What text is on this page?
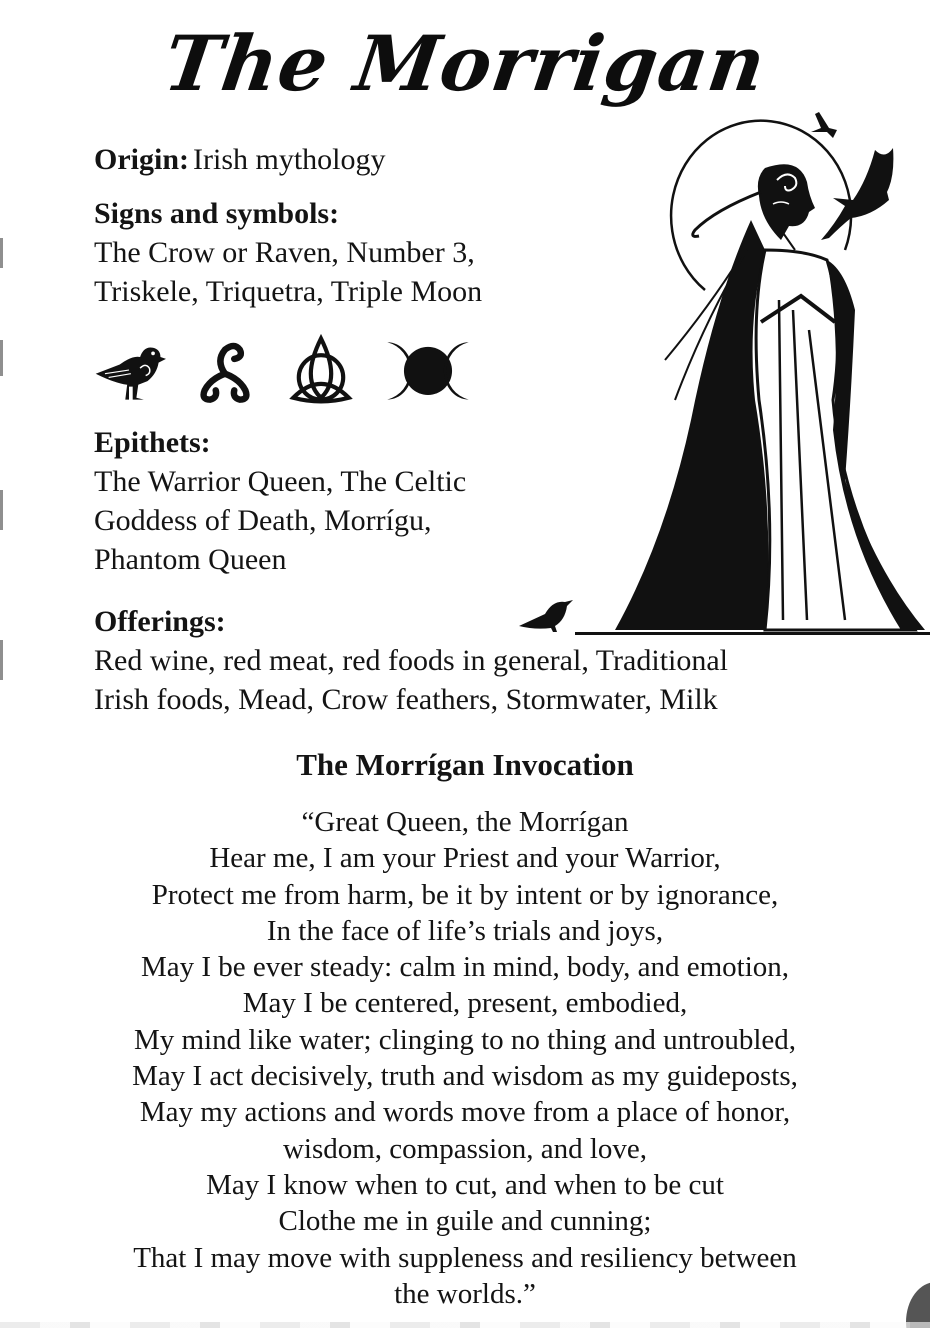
The Morrigan
Origin: Irish mythology
Signs and symbols:
The Crow or Raven, Number 3,
Triskele, Triquetra, Triple Moon
Epithets:
The Warrior Queen, The Celtic
Goddess of Death, Morrígu,
Phantom Queen
Offerings:
Red wine, red meat, red foods in general, Traditional
Irish foods, Mead, Crow feathers, Stormwater, Milk
The Morrígan Invocation
“Great Queen, the Morrígan
Hear me, I am your Priest and your Warrior,
Protect me from harm, be it by intent or by ignorance,
In the face of life’s trials and joys,
May I be ever steady: calm in mind, body, and emotion,
May I be centered, present, embodied,
My mind like water; clinging to no thing and untroubled,
May I act decisively, truth and wisdom as my guideposts,
May my actions and words move from a place of honor,
wisdom, compassion, and love,
May I know when to cut, and when to be cut
Clothe me in guile and cunning;
That I may move with suppleness and resiliency between
the worlds.”
